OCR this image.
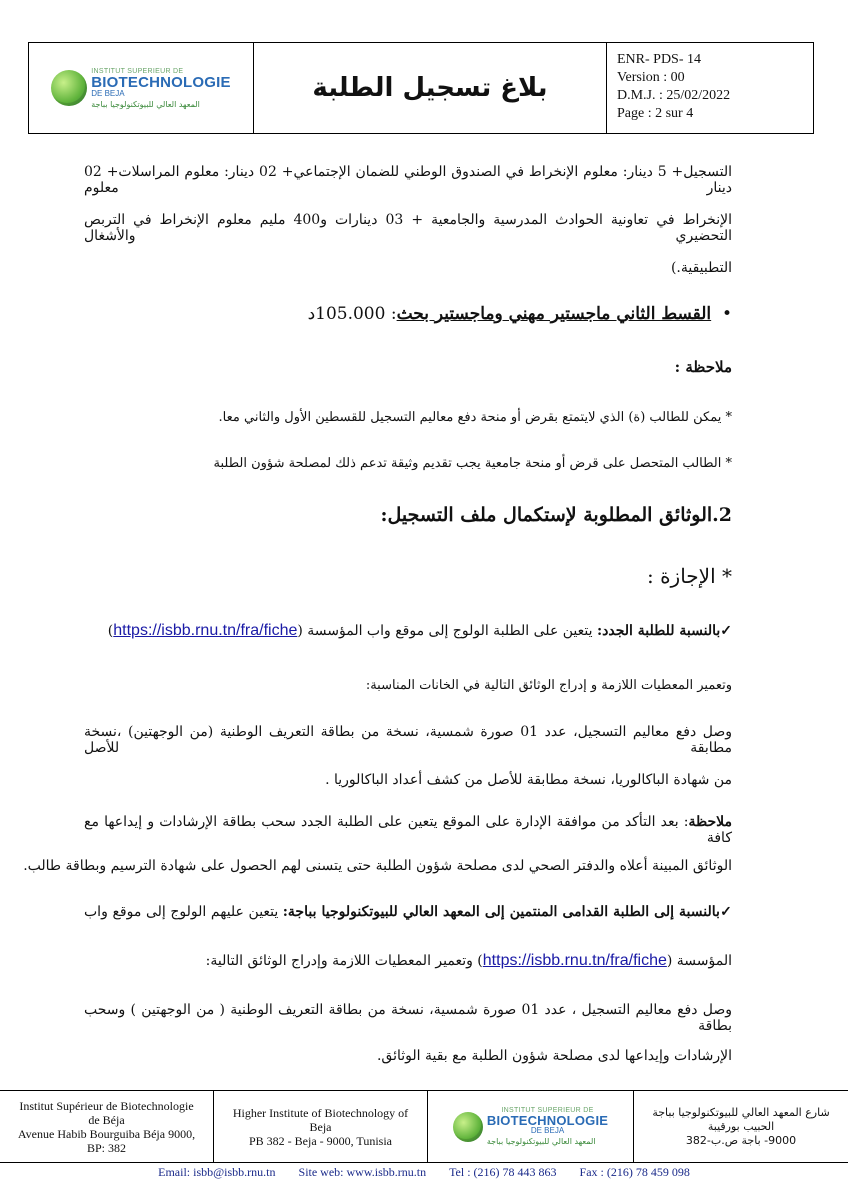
INSTITUT SUPERIEUR DE
BIOTECHNOLOGIE
DE BEJA
المعهد العالي للبيوتكنولوجيا بباجة
بلاغ تسجيل الطلبة
ENR- PDS- 14
Version : 00
D.M.J. : 25/02/2022
Page : 2 sur 4
التسجيل+ 5 دينار: معلوم الإنخراط في الصندوق الوطني للضمان الإجتماعي+ 02 دينار: معلوم المراسلات+ 02 دينار معلوم
الإنخراط في تعاونية الحوادث المدرسية والجامعية + 03 دينارات و400 مليم معلوم الإنخراط في التربص التحضيري والأشغال
التطبيقية.)
•  القسط الثاني ماجستير مهني وماجستير بحث: 105.000د
ملاحظة :
* يمكن للطالب (ة) الذي لايتمتع بقرض أو منحة دفع معاليم التسجيل للقسطين الأول والثاني معا.
* الطالب المتحصل على قرض أو منحة جامعية يجب تقديم وثيقة تدعم ذلك لمصلحة شؤون الطلبة
2.الوثائق المطلوبة لإستكمال ملف التسجيل:
* الإجازة :
✓بالنسبة للطلبة الجدد: يتعين على الطلبة الولوج إلى موقع واب المؤسسة (https://isbb.rnu.tn/fra/fiche)
وتعمير المعطيات اللازمة و إدراج الوثائق التالية في الخانات المناسبة:
وصل دفع معاليم التسجيل، عدد 01 صورة شمسية، نسخة من بطاقة التعريف الوطنية (من الوجهتين) ،نسخة مطابقة للأصل
من شهادة الباكالوريا، نسخة مطابقة للأصل من كشف أعداد الباكالوريا .
ملاحظة: بعد التأكد من موافقة الإدارة على الموقع يتعين على الطلبة الجدد سحب بطاقة الإرشادات و إيداعها مع كافة
الوثائق المبينة أعلاه والدفتر الصحي لدى مصلحة شؤون الطلبة حتى يتسنى لهم الحصول على شهادة الترسيم وبطاقة طالب.
✓بالنسبة إلى الطلبة القدامى المنتمين إلى المعهد العالي للبيوتكنولوجيا بباجة: يتعين عليهم الولوج إلى موقع واب
المؤسسة (https://isbb.rnu.tn/fra/fiche) وتعمير المعطيات اللازمة وإدراج الوثائق التالية:
وصل دفع معاليم التسجيل ، عدد 01 صورة شمسية، نسخة من بطاقة التعريف الوطنية ( من الوجهتين ) وسحب بطاقة
الإرشادات وإيداعها لدى مصلحة شؤون الطلبة مع بقية الوثائق.
Institut Supérieur de Biotechnologie
de Béja
Avenue Habib Bourguiba Béja 9000,
BP: 382
Higher Institute of Biotechnology of
Beja
PB 382 - Beja - 9000, Tunisia
INSTITUT SUPERIEUR DE
BIOTECHNOLOGIE
DE BEJA
المعهد العالي للبيوتكنولوجيا بباجة
شارع المعهد العالي للبيوتكنولوجيا بباجة
الحبيب بورقيبة
9000- باجة ص.ب-382
Email: isbb@isbb.rnu.tn Site web: www.isbb.rnu.tn Tel : (216) 78 443 863 Fax : (216) 78 459 098
